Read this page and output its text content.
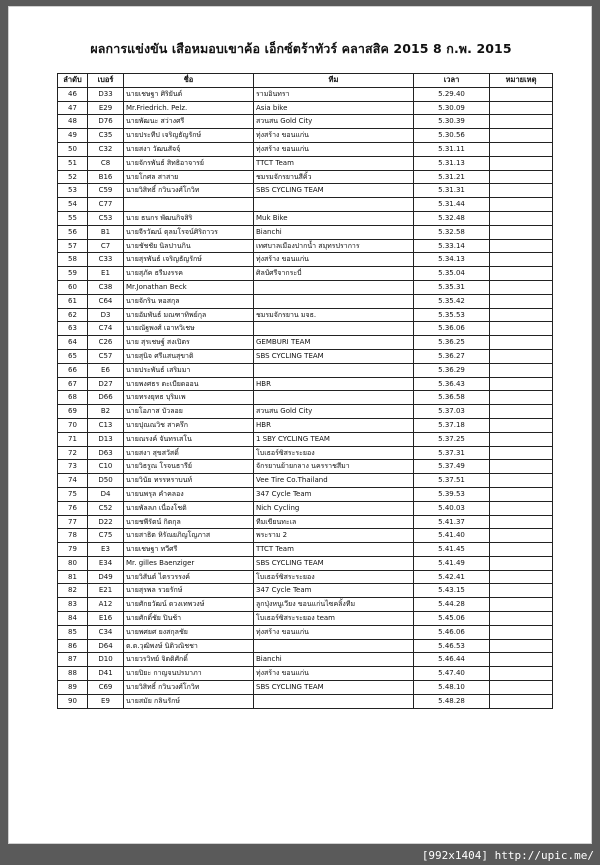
ผลการแข่งขัน เสือหมอบเขาค้อ เอ็กซ์ตร้าทัวร์ คลาสสิค 2015 8 ก.พ. 2015
ลำดับ	เบอร์	ชื่อ	ทีม	เวลา	หมายเหตุ
46	D33	นายเชษฐา ศิริยันต์	รามอินทรา	5.29.40	
47	E29	Mr.Friedrich. Pelz.	Asia bike	5.30.09	
48	D76	นายพัฒนะ สว่างศรี	สวนสน Gold City	5.30.39	
49	C35	นายประทีป เจริญธัญรักษ์	ทุ่งสร้าง ขอนแก่น	5.30.56	
50	C32	นายสงา วัฒนสัจจฺ์	ทุ่งสร้าง ขอนแก่น	5.31.11	
51	C8	นายจักรพันธ์ สิทธิอาจารย์	TTCT Team	5.31.13	
52	B16	นายโกศล สาสาย	ชมรมจักรยานสีคิ้ว	5.31.21	
53	C59	นายวิสิทธิ์ กวินวงศ์โกวิท	SBS CYCLING TEAM	5.31.31	
54	C77			5.31.44	
55	C53	นาย ธนกร พัฒนกิจสิริ	Muk Bike	5.32.48	
56	B1	นายจีรวัฒน์ ตุลมโรจน์ศิริถาวร	Bianchi	5.32.58	
57	C7	นายชัชชัย นิลปานกิน	เทศบาลเมืองปากน้ำ สมุทรปราการ	5.33.14	
58	C33	นายสุรพันธ์ เจริญธัญรักษ์	ทุ่งสร้าง ขอนแก่น	5.34.13	
59	E1	นายสุภัค ธรีมงรรค	ศิลป์ศรีจากระบี่	5.35.04	
60	C38	Mr.Jonathan Beck		5.35.31	
61	C64	นายจักริน หอสกุล		5.35.42	
62	D3	นายอัมพันธ์ มณฑาทิพย์กุล	ชมรมจักรยาน มจธ.	5.35.53	
63	C74	นายณัฐพงศ์ เอาหวิเชษ		5.36.06	
64	C26	นาย สุรเชษฐ์ สงเปิตร	GEMBURI TEAM	5.36.25	
65	C57	นายสุนิจ ศรีแสนสุขาติ	SBS CYCLING TEAM	5.36.27	
66	E6	นายประพันธ์ เสริมมา		5.36.29	
67	D27	นายพงศธร ตะเบียดออน	HBR	5.36.43	
68	D66	นายทรงยุทธ บุริมเพ		5.36.58	
69	B2	นายโอภาส บัวลอย	สวนสน Gold City	5.37.03	
70	C13	นายปุณณวิช สาครึก	HBR	5.37.18	
71	D13	นายณรงค์ จันทรเสโน	1 SBY CYCLING TEAM	5.37.25	
72	D63	นายสงา สุขสวัสดิ์	โบเธอร์ซิสระระยอง	5.37.31	
73	C10	นายวิธรูณ โรจนธารีย์	จักรยานย้ายกลาง นครราชสีมา	5.37.49	
74	D50	นายวินัย ทรรหราบนท์	Vee Tire Co.Thailand	5.37.51	
75	D4	นายนพรุล คำคลอง	347 Cycle Team	5.39.53	
76	C52	นายพัลลภ เนื่องโชติ	Nich Cycling	5.40.03	
77	D22	นายชพีรัตน์ กิตกุล	ทีมเขียนทะเล	5.41.37	
78	C75	นายสาธิต หิรัณยภิญโญภาส	พระราม 2	5.41.40	
79	E3	นายเชษฐา ทวีศรี	TTCT Team	5.41.45	
80	E34	Mr. gilles Baenziger	SBS CYCLING TEAM	5.41.49	
81	D49	นายวิสันต์ ไตรวรรงค์	โบเธอร์ซิสระระยอง	5.42.41	
82	E21	นายสุรพล รวยรักษ์	347 Cycle Team	5.43.15	
83	A12	นายศักยวัฒน์ ดวงเทพวงษ์	ลูกปุ่งหนูเวียง ขอนแก่นไซคลิ้งทีม	5.44.28	
84	E16	นายศักดิ์ชัย ปินช้า	โบเธอร์ซิสระระยอง team	5.45.06	
85	C34	นายพศยศ ยงสกุลชัย	ทุ่งสร้าง ขอนแก่น	5.46.06	
86	D64	ต.ต.วุฒิพงษ์ นิติวณิชชา		5.46.53	
87	D10	นายวรวิทย์ จิตติศักดิ์	Bianchi	5.46.44	
88	D41	นายปิยะ กาญจนปรมาภา	ทุ่งสร้าง ขอนแก่น	5.47.40	
89	C69	นายวิสิทธิ์ กวินวงศ์โกวิท	SBS CYCLING TEAM	5.48.10	
90	E9	นายสมัย กลินรักษ์		5.48.28	
[992x1404] http://upic.me/
